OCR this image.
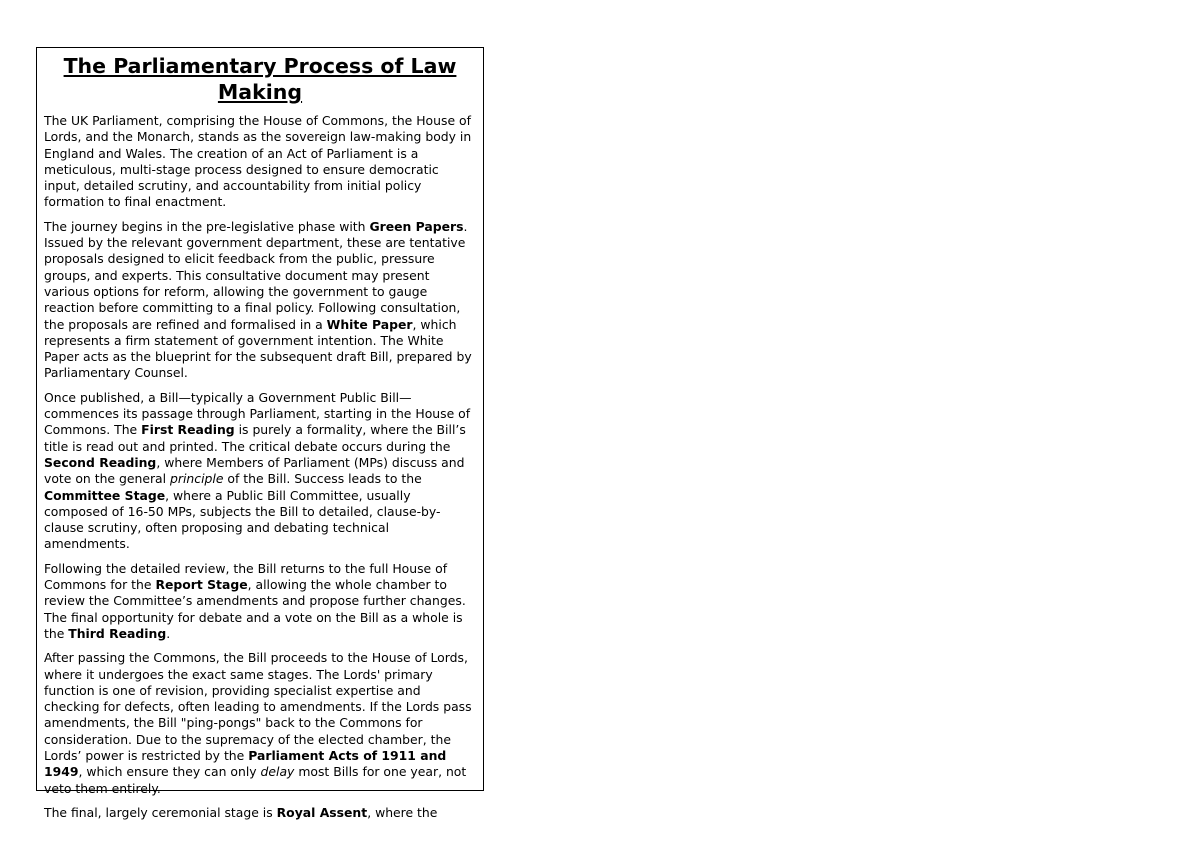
The Parliamentary Process of Law Making

The UK Parliament, comprising the House of Commons, the House of Lords, and the Monarch, stands as the sovereign law-making body in England and Wales. The creation of an Act of Parliament is a meticulous, multi-stage process designed to ensure democratic input, detailed scrutiny, and accountability from initial policy formation to final enactment.

The journey begins in the pre-legislative phase with Green Papers. Issued by the relevant government department, these are tentative proposals designed to elicit feedback from the public, pressure groups, and experts. This consultative document may present various options for reform, allowing the government to gauge reaction before committing to a final policy. Following consultation, the proposals are refined and formalised in a White Paper, which represents a firm statement of government intention. The White Paper acts as the blueprint for the subsequent draft Bill, prepared by Parliamentary Counsel.

Once published, a Bill—typically a Government Public Bill—commences its passage through Parliament, starting in the House of Commons. The First Reading is purely a formality, where the Bill’s title is read out and printed. The critical debate occurs during the Second Reading, where Members of Parliament (MPs) discuss and vote on the general principle of the Bill. Success leads to the Committee Stage, where a Public Bill Committee, usually composed of 16-50 MPs, subjects the Bill to detailed, clause-by-clause scrutiny, often proposing and debating technical amendments.

Following the detailed review, the Bill returns to the full House of Commons for the Report Stage, allowing the whole chamber to review the Committee’s amendments and propose further changes. The final opportunity for debate and a vote on the Bill as a whole is the Third Reading.

After passing the Commons, the Bill proceeds to the House of Lords, where it undergoes the exact same stages. The Lords' primary function is one of revision, providing specialist expertise and checking for defects, often leading to amendments. If the Lords pass amendments, the Bill "ping-pongs" back to the Commons for consideration. Due to the supremacy of the elected chamber, the Lords’ power is restricted by the Parliament Acts of 1911 and 1949, which ensure they can only delay most Bills for one year, not veto them entirely.

The final, largely ceremonial stage is Royal Assent, where the
